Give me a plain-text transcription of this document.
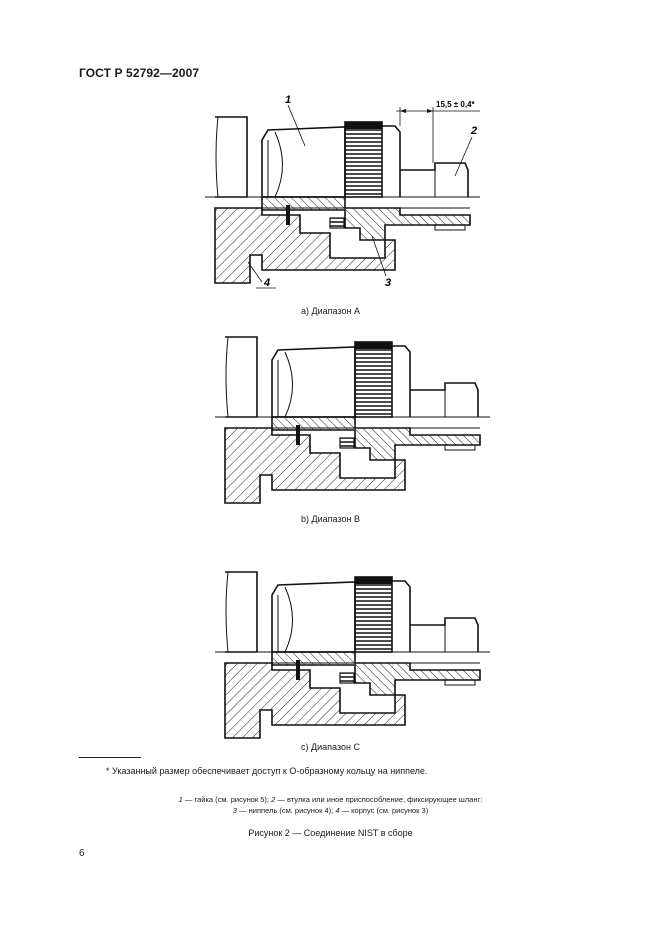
ГОСТ Р 52792—2007
15,5 ± 0,4*
1
2
3
4
а) Диапазон А
b) Диапазон В
с) Диапазон С
* Указанный размер обеспечивает доступ к О-образному кольцу на ниппеле.
1 — гайка (см. рисунок 5); 2 — втулка или иное приспособление, фиксирующее шланг:
3 — ниппель (см. рисунок 4); 4 — корпус (см. рисунок 3)
Рисунок 2 — Соединение NIST в сборе
6
